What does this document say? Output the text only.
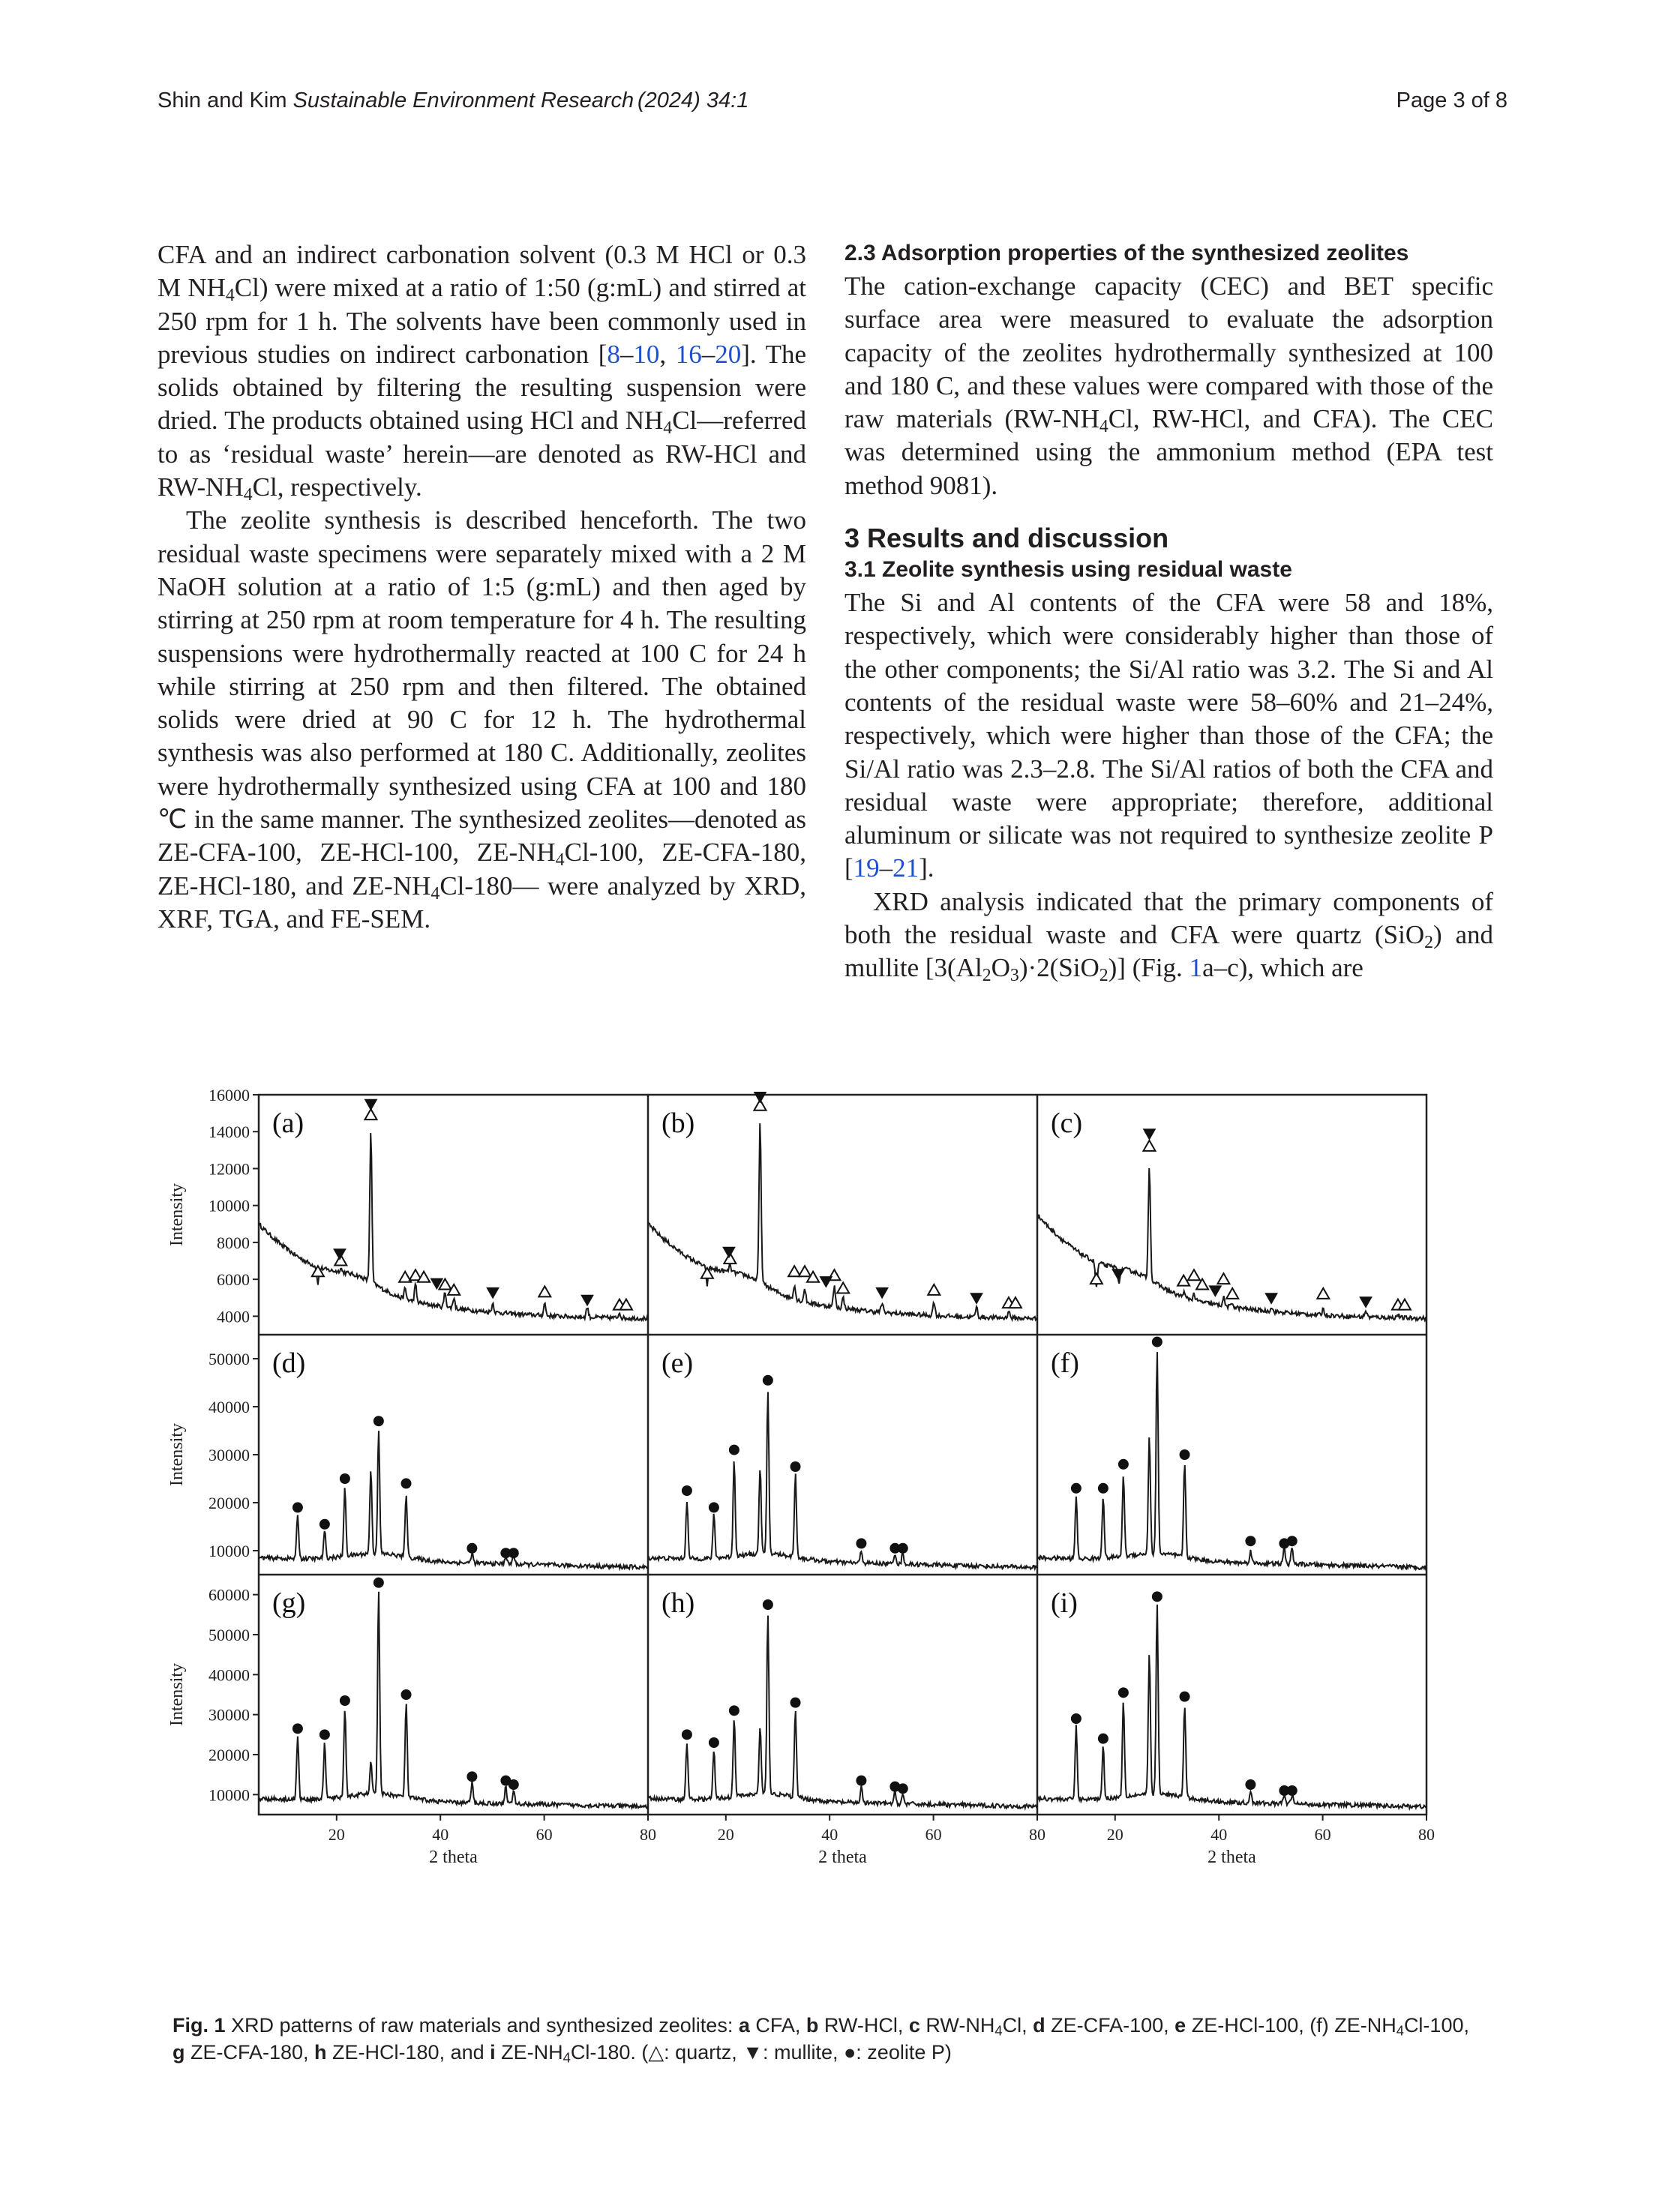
Shin and Kim Sustainable Environment Research (2024) 34:1	Page 3 of 8

CFA and an indirect carbonation solvent (0.3 M HCl or 0.3 M $NH_4Cl$) were mixed at a ratio of 1:50 (g:mL) and stirred at 250 rpm for 1 h. The solvents have been commonly used in previous studies on indirect carbonation [8–10, 16–20]. The solids obtained by filtering the resulting suspension were dried. The products obtained using HCl and $NH_4Cl—referred$ to as ‘residual waste’ herein—are denoted as RW-HCl and $RW-NH_4Cl$, respectively.

The zeolite synthesis is described henceforth. The two residual waste specimens were separately mixed with a 2 M NaOH solution at a ratio of 1:5 (g:mL) and then aged by stirring at 250 rpm at room temperature for 4 h. The resulting suspensions were hydrothermally reacted at 100 C for 24 h while stirring at 250 rpm and then filtered. The obtained solids were dried at 90 C for 12 h. The hydrothermal synthesis was also performed at 180 C. Additionally, zeolites were hydrothermally synthesized using CFA at 100 and 180 ℃ in the same manner. The synthesized zeolites—denoted as ZE-CFA-100, ZE-HCl-100, $ZE-NH_4Cl-100$, ZE-CFA-180, ZE-HCl-180, and $ZE-NH_4Cl-180—$ were analyzed by XRD, XRF, TGA, and FE-SEM.

2.3 Adsorption properties of the synthesized zeolites

The cation-exchange capacity (CEC) and BET specific surface area were measured to evaluate the adsorption capacity of the zeolites hydrothermally synthesized at 100 and 180 C, and these values were compared with those of the raw materials ($RW-NH_4Cl$, RW-HCl, and CFA). The CEC was determined using the ammonium method (EPA test method 9081).

3 Results and discussion
3.1 Zeolite synthesis using residual waste

The Si and Al contents of the CFA were 58 and 18%, respectively, which were considerably higher than those of the other components; the Si/Al ratio was 3.2. The Si and Al contents of the residual waste were 58–60% and 21–24%, respectively, which were higher than those of the CFA; the Si/Al ratio was 2.3–2.8. The Si/Al ratios of both the CFA and residual waste were appropriate; therefore, additional aluminum or silicate was not required to synthesize zeolite P [19–21].

XRD analysis indicated that the primary components of both the residual waste and CFA were quartz (SiO$_2$) and mullite $[3(Al_2O_3)\cdot 2(SiO_2)]$ (Fig. 1a–c), which are

16000
14000
12000
10000
8000
6000
4000
Intensity
50000
40000
30000
20000
10000
Intensity
60000
50000
40000
30000
20000
10000
Intensity
20	40	60	80
2 theta
20	40	60	80
2 theta
20	40	60	80
2 theta
(a)	(b)	(c)
(d)	(e)	(f)
(g)	(h)	(i)
Fig. 1 XRD patterns of raw materials and synthesized zeolites: a CFA, b RW-HCl, c $RW-NH_4Cl$, d ZE-CFA-100, e ZE-HCl-100, (f) $ZE-NH_4Cl-100$,
g ZE-CFA-180, h ZE-HCl-180, and i $ZE-NH_4Cl-180$. (△: quartz, ▼: mullite, ●: zeolite P)
